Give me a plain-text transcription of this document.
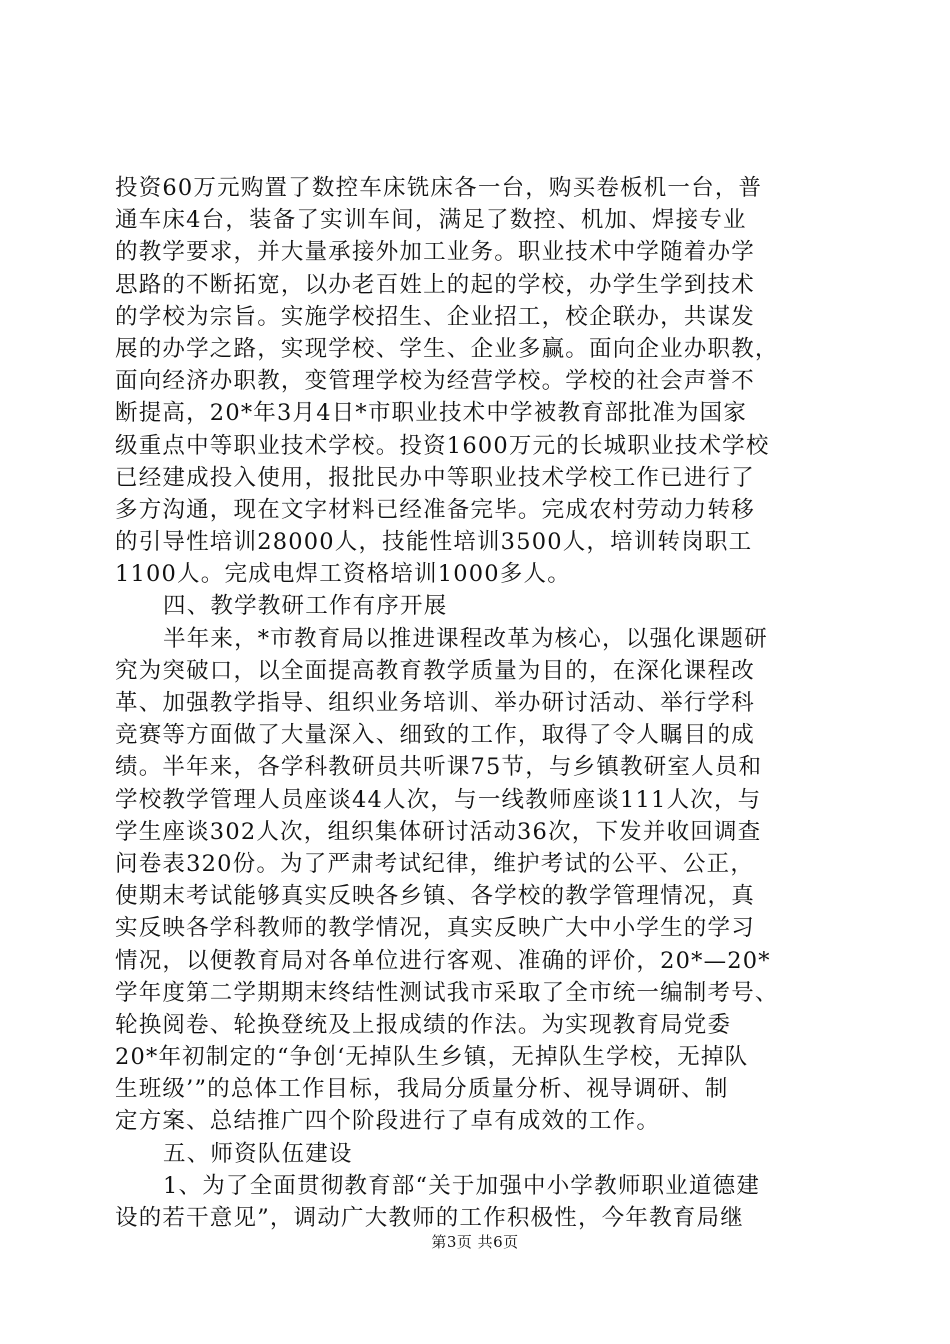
投资60万元购置了数控车床铣床各一台，购买卷板机一台，普
通车床4台，装备了实训车间，满足了数控、机加、焊接专业
的教学要求，并大量承接外加工业务。职业技术中学随着办学
思路的不断拓宽，以办老百姓上的起的学校，办学生学到技术
的学校为宗旨。实施学校招生、企业招工，校企联办，共谋发
展的办学之路，实现学校、学生、企业多赢。面向企业办职教，
面向经济办职教，变管理学校为经营学校。学校的社会声誉不
断提高，20*年3月4日*市职业技术中学被教育部批准为国家
级重点中等职业技术学校。投资1600万元的长城职业技术学校
已经建成投入使用，报批民办中等职业技术学校工作已进行了
多方沟通，现在文字材料已经准备完毕。完成农村劳动力转移
的引导性培训28000人，技能性培训3500人，培训转岗职工
1100人。完成电焊工资格培训1000多人。
四、教学教研工作有序开展
半年来，*市教育局以推进课程改革为核心，以强化课题研
究为突破口，以全面提高教育教学质量为目的，在深化课程改
革、加强教学指导、组织业务培训、举办研讨活动、举行学科
竞赛等方面做了大量深入、细致的工作，取得了令人瞩目的成
绩。半年来，各学科教研员共听课75节，与乡镇教研室人员和
学校教学管理人员座谈44人次，与一线教师座谈111人次，与
学生座谈302人次，组织集体研讨活动36次，下发并收回调查
问卷表320份。为了严肃考试纪律，维护考试的公平、公正，
使期末考试能够真实反映各乡镇、各学校的教学管理情况，真
实反映各学科教师的教学情况，真实反映广大中小学生的学习
情况，以便教育局对各单位进行客观、准确的评价，20*—20*
学年度第二学期期末终结性测试我市采取了全市统一编制考号、
轮换阅卷、轮换登统及上报成绩的作法。为实现教育局党委
20*年初制定的“争创‘无掉队生乡镇，无掉队生学校，无掉队
生班级’”的总体工作目标，我局分质量分析、视导调研、制
定方案、总结推广四个阶段进行了卓有成效的工作。
五、师资队伍建设
1、为了全面贯彻教育部“关于加强中小学教师职业道德建
设的若干意见”，调动广大教师的工作积极性，今年教育局继
第3页 共6页
